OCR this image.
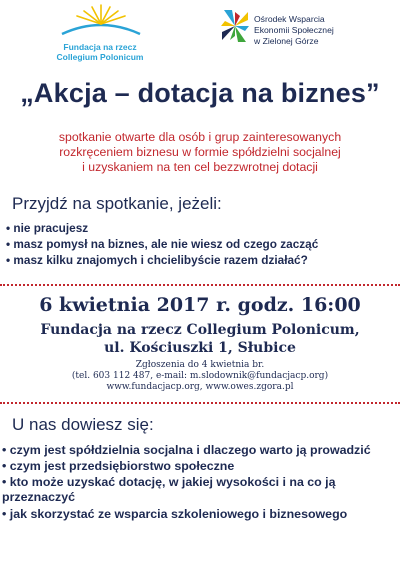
Fundacja na rzecz
Collegium Polonicum
Ośrodek Wsparcia
Ekonomii Społecznej
w Zielonej Górze
„Akcja – dotacja na biznes”
spotkanie otwarte dla osób i grup zainteresowanych
rozkręceniem biznesu w formie spółdzielni socjalnej
i uzyskaniem na ten cel bezzwrotnej dotacji
Przyjdź na spotkanie, jeżeli:
• nie pracujesz
• masz pomysł na biznes, ale nie wiesz od czego zacząć
• masz kilku znajomych i chcielibyście razem działać?
6 kwietnia 2017 r. godz. 16:00
Fundacja na rzecz Collegium Polonicum,
ul. Kościuszki 1, Słubice
Zgłoszenia do 4 kwietnia br.
(tel. 603 112 487, e-mail: m.slodownik@fundacjacp.org)
www.fundacjacp.org, www.owes.zgora.pl
U nas dowiesz się:
• czym jest spółdzielnia socjalna i dlaczego warto ją prowadzić
• czym jest przedsiębiorstwo społeczne
• kto może uzyskać dotację, w jakiej wysokości i na co ją przeznaczyć
• jak skorzystać ze wsparcia szkoleniowego i biznesowego
